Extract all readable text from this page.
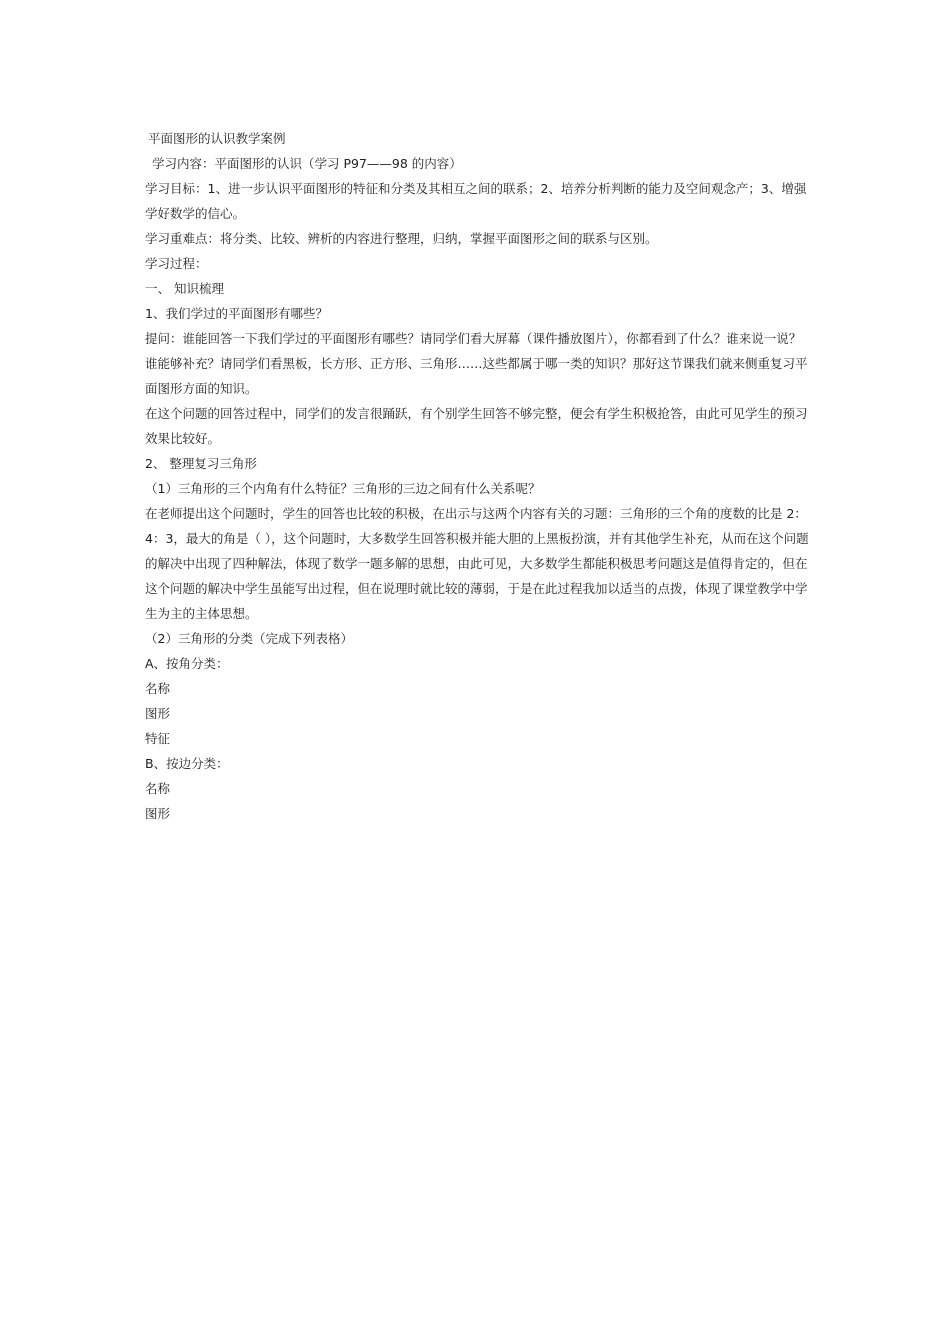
平面图形的认识教学案例

学习内容：平面图形的认识（学习 P97——98 的内容）

学习目标：1、进一步认识平面图形的特征和分类及其相互之间的联系；2、培养分析判断的能力及空间观念产；3、增强学好数学的信心。

学习重难点：将分类、比较、辨析的内容进行整理，归纳，掌握平面图形之间的联系与区别。

学习过程：

一、 知识梳理

1、我们学过的平面图形有哪些？

提问：谁能回答一下我们学过的平面图形有哪些？请同学们看大屏幕（课件播放图片），你都看到了什么？谁来说一说？谁能够补充？请同学们看黑板，长方形、正方形、三角形……这些都属于哪一类的知识？那好这节课我们就来侧重复习平面图形方面的知识。

在这个问题的回答过程中，同学们的发言很踊跃，有个别学生回答不够完整，便会有学生积极抢答，由此可见学生的预习效果比较好。

2、 整理复习三角形

（1）三角形的三个内角有什么特征？三角形的三边之间有什么关系呢？

在老师提出这个问题时，学生的回答也比较的积极，在出示与这两个内容有关的习题：三角形的三个角的度数的比是 2：4：3，最大的角是（ ），这个问题时，大多数学生回答积极并能大胆的上黑板扮演，并有其他学生补充，从而在这个问题的解决中出现了四种解法，体现了数学一题多解的思想，由此可见，大多数学生都能积极思考问题这是值得肯定的，但在这个问题的解决中学生虽能写出过程，但在说理时就比较的薄弱，于是在此过程我加以适当的点拨，体现了课堂教学中学生为主的主体思想。

（2）三角形的分类（完成下列表格）

A、按角分类：

名称

图形

特征

B、按边分类：

名称

图形
